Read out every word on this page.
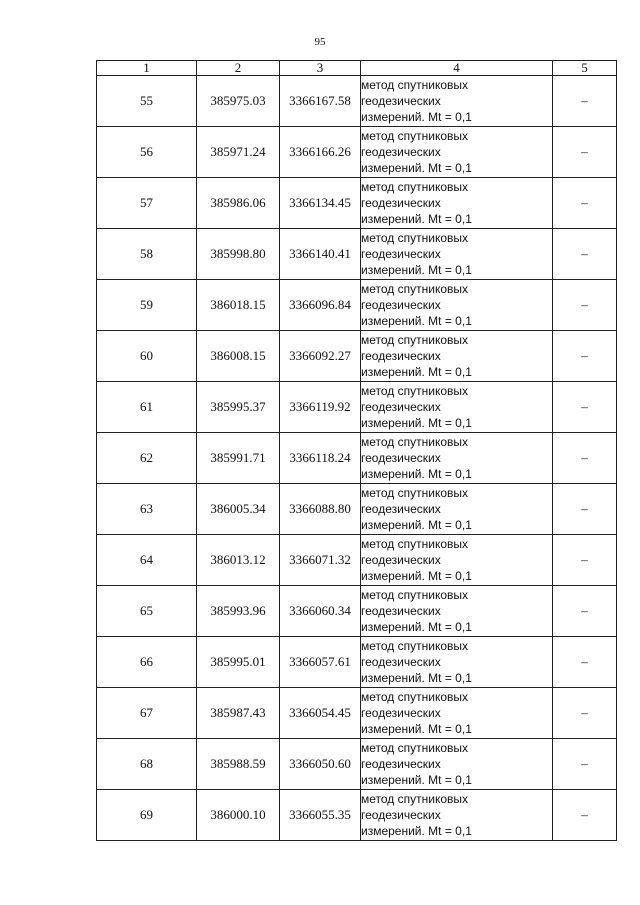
95
1	2	3	4	5
55	385975.03	3366167.58	метод спутниковых
геодезических
измерений. Mt = 0,1	–
56	385971.24	3366166.26	метод спутниковых
геодезических
измерений. Mt = 0,1	–
57	385986.06	3366134.45	метод спутниковых
геодезических
измерений. Mt = 0,1	–
58	385998.80	3366140.41	метод спутниковых
геодезических
измерений. Mt = 0,1	–
59	386018.15	3366096.84	метод спутниковых
геодезических
измерений. Mt = 0,1	–
60	386008.15	3366092.27	метод спутниковых
геодезических
измерений. Mt = 0,1	–
61	385995.37	3366119.92	метод спутниковых
геодезических
измерений. Mt = 0,1	–
62	385991.71	3366118.24	метод спутниковых
геодезических
измерений. Mt = 0,1	–
63	386005.34	3366088.80	метод спутниковых
геодезических
измерений. Mt = 0,1	–
64	386013.12	3366071.32	метод спутниковых
геодезических
измерений. Mt = 0,1	–
65	385993.96	3366060.34	метод спутниковых
геодезических
измерений. Mt = 0,1	–
66	385995.01	3366057.61	метод спутниковых
геодезических
измерений. Mt = 0,1	–
67	385987.43	3366054.45	метод спутниковых
геодезических
измерений. Mt = 0,1	–
68	385988.59	3366050.60	метод спутниковых
геодезических
измерений. Mt = 0,1	–
69	386000.10	3366055.35	метод спутниковых
геодезических
измерений. Mt = 0,1	–
